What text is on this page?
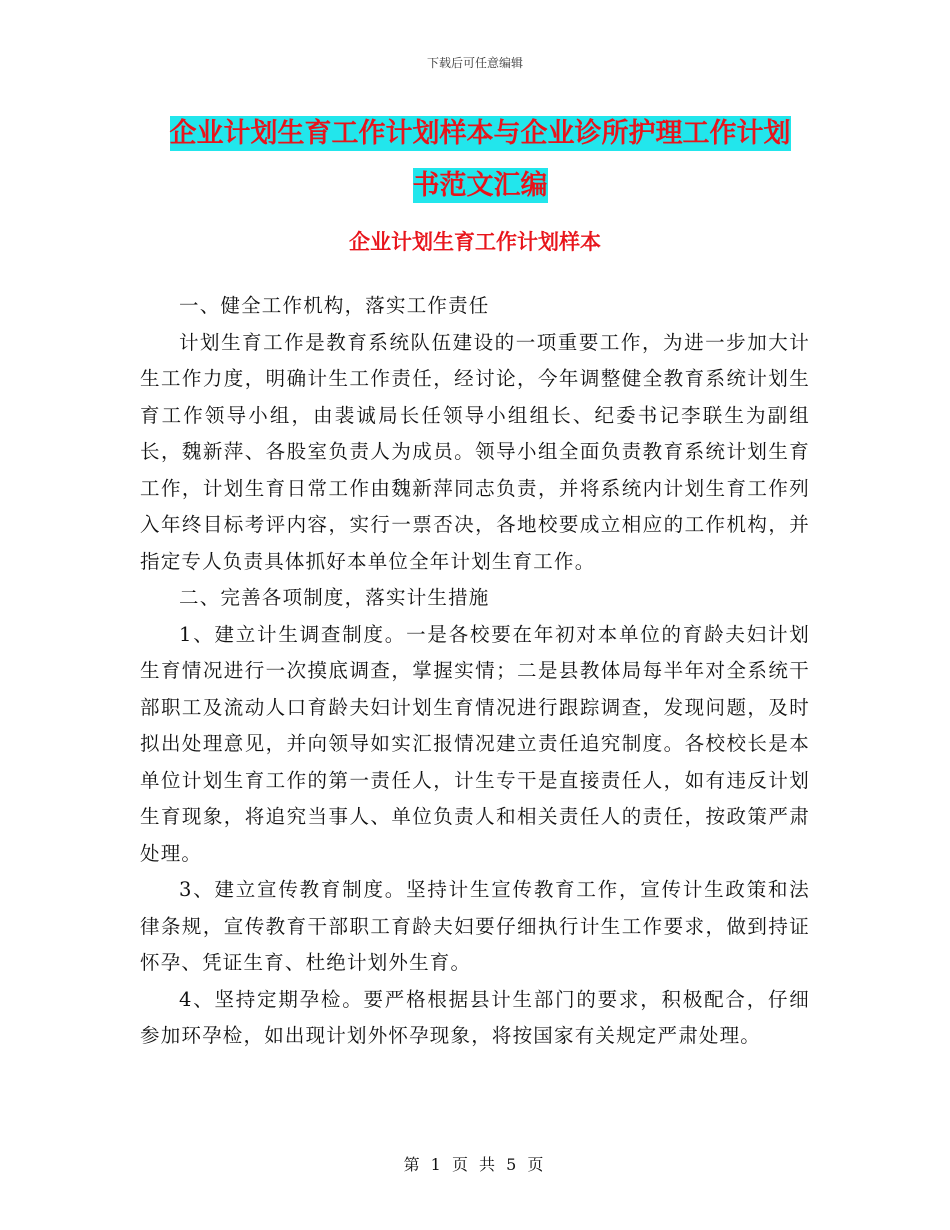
下载后可任意编辑
企业计划生育工作计划样本与企业诊所护理工作计划
书范文汇编
企业计划生育工作计划样本

一、健全工作机构，落实工作责任

计划生育工作是教育系统队伍建设的一项重要工作，为进一步加大计生工作力度，明确计生工作责任，经讨论，今年调整健全教育系统计划生育工作领导小组，由裴诚局长任领导小组组长、纪委书记李联生为副组长，魏新萍、各股室负责人为成员。领导小组全面负责教育系统计划生育工作，计划生育日常工作由魏新萍同志负责，并将系统内计划生育工作列入年终目标考评内容，实行一票否决，各地校要成立相应的工作机构，并指定专人负责具体抓好本单位全年计划生育工作。

二、完善各项制度，落实计生措施

1、建立计生调查制度。一是各校要在年初对本单位的育龄夫妇计划生育情况进行一次摸底调查，掌握实情；二是县教体局每半年对全系统干部职工及流动人口育龄夫妇计划生育情况进行跟踪调查，发现问题，及时拟出处理意见，并向领导如实汇报情况建立责任追究制度。各校校长是本单位计划生育工作的第一责任人，计生专干是直接责任人，如有违反计划生育现象，将追究当事人、单位负责人和相关责任人的责任，按政策严肃处理。

3、建立宣传教育制度。坚持计生宣传教育工作，宣传计生政策和法律条规，宣传教育干部职工育龄夫妇要仔细执行计生工作要求，做到持证怀孕、凭证生育、杜绝计划外生育。

4、坚持定期孕检。要严格根据县计生部门的要求，积极配合，仔细参加环孕检，如出现计划外怀孕现象，将按国家有关规定严肃处理。

第 1 页 共 5 页
